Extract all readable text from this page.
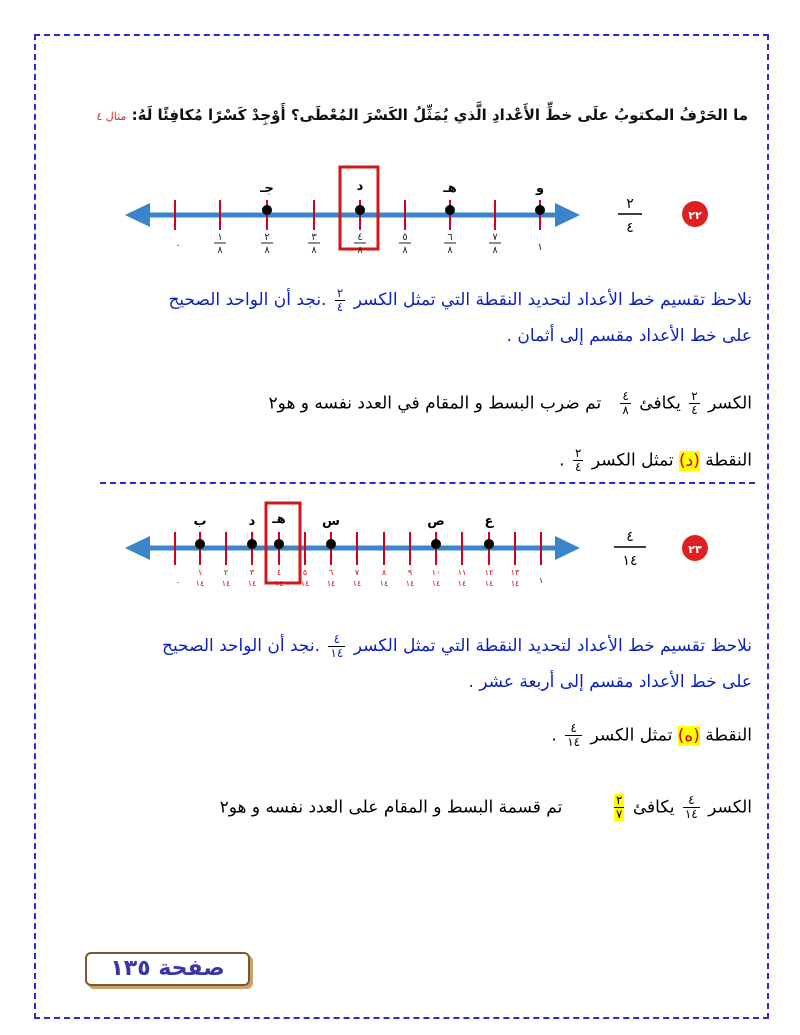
ما الحَرْفُ المكتوبُ علَى خطِّ الأَعْدادِ الَّذي يُمَثِّلُ الكَسْرَ المُعْطَى؟ أَوْجِدْ كَسْرًا مُكافِئًا لَهُ: مثال ٤
جـ	د	هـ	و
.
١
٨
٢
٨
٣
٨
٤
٨
٥
٨
٦
٨
٧
٨	١
٢
٤
٢٢
نلاحظ تقسيم خط الأعداد لتحديد النقطة التي تمثل الكسر
$\frac{٢}{٤}$
.نجد أن الواحد الصحيح
على خط الأعداد مقسم إلى أثمان .
الكسر
$\frac{٢}{٤}$
يكافئ
$\frac{٤}{٨}$
تم ضرب البسط و المقام في العدد نفسه و هو٢
النقطة (د) تمثل الكسر
$\frac{٢}{٤}$
.
ب	د هـ	س	ص	ع
.
١
١٤
٢
١٤
٣
١٤
٤
١٤
٥
١٤
٦
١٤
٧
١٤
٨
١٤
٩
١٤
١٠
١٤
١١
١٤
١٢
١٤
١٣
١٤ ١
٤
١٤
٢٣
نلاحظ تقسيم خط الأعداد لتحديد النقطة التي تمثل الكسر
$\frac{٤}{١٤}$
.نجد أن الواحد الصحيح
على خط الأعداد مقسم إلى أربعة عشر .
النقطة (ه) تمثل الكسر
$\frac{٤}{١٤}$
.
الكسر
$\frac{٤}{١٤}$
يكافئ
$\frac{٢}{٧}$
تم قسمة البسط و المقام على العدد نفسه و هو٢
صفحة ١٣٥
